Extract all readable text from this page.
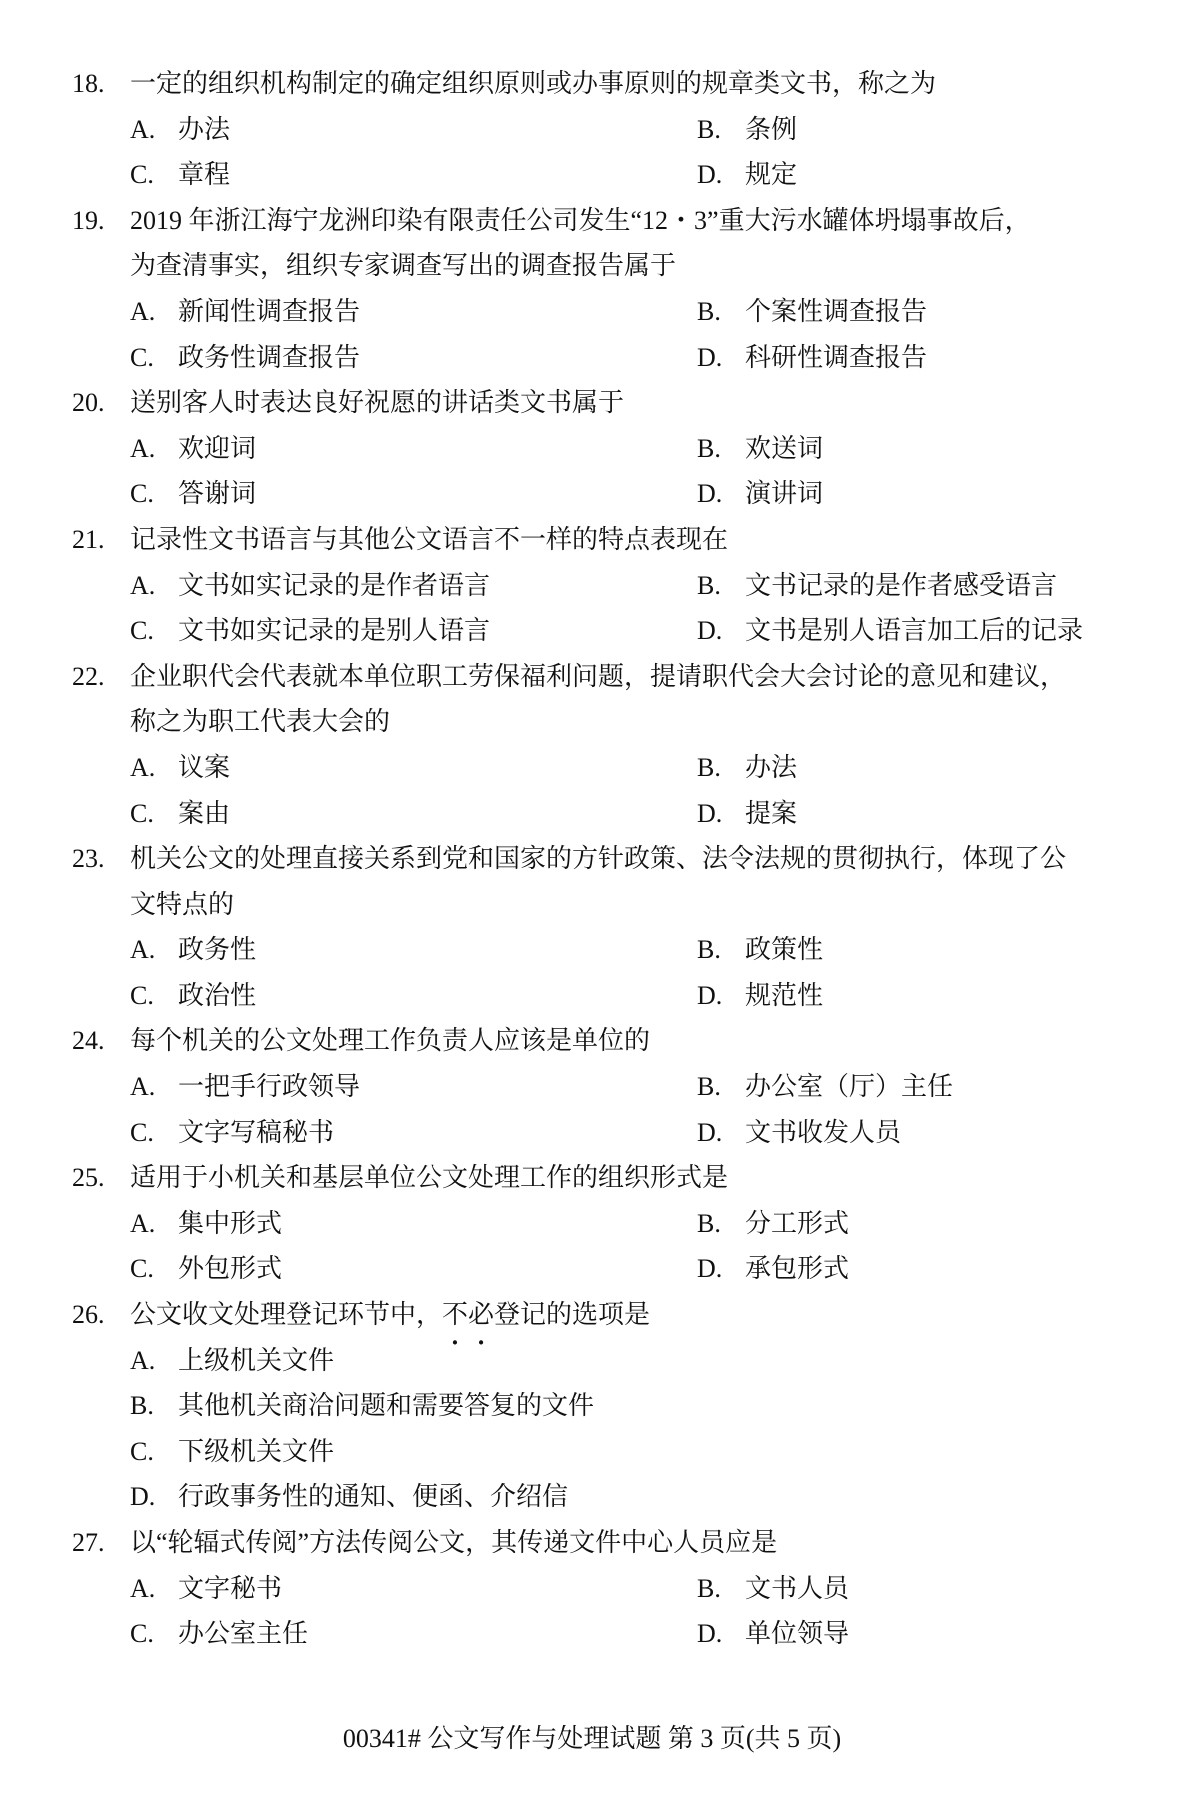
18. 一定的组织机构制定的确定组织原则或办事原则的规章类文书，称之为
A. 办法	B. 条例
C. 章程	D. 规定
19. 2019 年浙江海宁龙洲印染有限责任公司发生“12・3”重大污水罐体坍塌事故后，
为查清事实，组织专家调查写出的调查报告属于
A. 新闻性调查报告	B. 个案性调查报告
C. 政务性调查报告	D. 科研性调查报告
20. 送别客人时表达良好祝愿的讲话类文书属于
A. 欢迎词	B. 欢送词
C. 答谢词	D. 演讲词
21. 记录性文书语言与其他公文语言不一样的特点表现在
A. 文书如实记录的是作者语言	B. 文书记录的是作者感受语言
C. 文书如实记录的是别人语言	D. 文书是别人语言加工后的记录
22. 企业职代会代表就本单位职工劳保福利问题，提请职代会大会讨论的意见和建议，
称之为职工代表大会的
A. 议案	B. 办法
C. 案由	D. 提案
23. 机关公文的处理直接关系到党和国家的方针政策、法令法规的贯彻执行，体现了公
文特点的
A. 政务性	B. 政策性
C. 政治性	D. 规范性
24. 每个机关的公文处理工作负责人应该是单位的
A. 一把手行政领导	B. 办公室（厅）主任
C. 文字写稿秘书	D. 文书收发人员
25. 适用于小机关和基层单位公文处理工作的组织形式是
A. 集中形式	B. 分工形式
C. 外包形式	D. 承包形式
26. 公文收文处理登记环节中，不必登记的选项是
A. 上级机关文件
B. 其他机关商洽问题和需要答复的文件
C. 下级机关文件
D. 行政事务性的通知、便函、介绍信
27. 以“轮辐式传阅”方法传阅公文，其传递文件中心人员应是
A. 文字秘书	B. 文书人员
C. 办公室主任	D. 单位领导
00341# 公文写作与处理试题 第 3 页(共 5 页)
